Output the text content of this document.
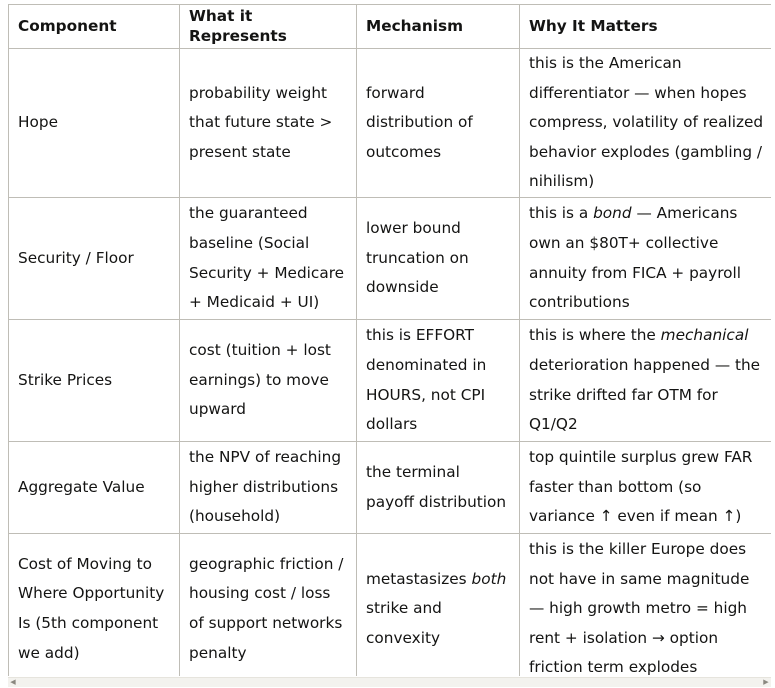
Component	What it Represents	Mechanism	Why It Matters
Hope	probability weight that future state > present state	forward distribution of outcomes	this is the American differentiator — when hopes compress, volatility of realized behavior explodes (gambling / nihilism)
Security / Floor	the guaranteed baseline (Social Security + Medicare + Medicaid + UI)	lower bound truncation on downside	this is a bond — Americans own an $80T+ collective annuity from FICA + payroll contributions
Strike Prices	cost (tuition + lost earnings) to move upward	this is EFFORT denominated in HOURS, not CPI dollars	this is where the mechanical deterioration happened — the strike drifted far OTM for Q1/Q2
Aggregate Value	the NPV of reaching higher distributions (household)	the terminal payoff distribution	top quintile surplus grew FAR faster than bottom (so variance ↑ even if mean ↑)
Cost of Moving to Where Opportunity Is (5th component we add)	geographic friction / housing cost / loss of support networks penalty	metastasizes both strike and convexity	this is the killer Europe does not have in same magnitude — high growth metro = high rent + isolation → option friction term explodes
◀	▶
